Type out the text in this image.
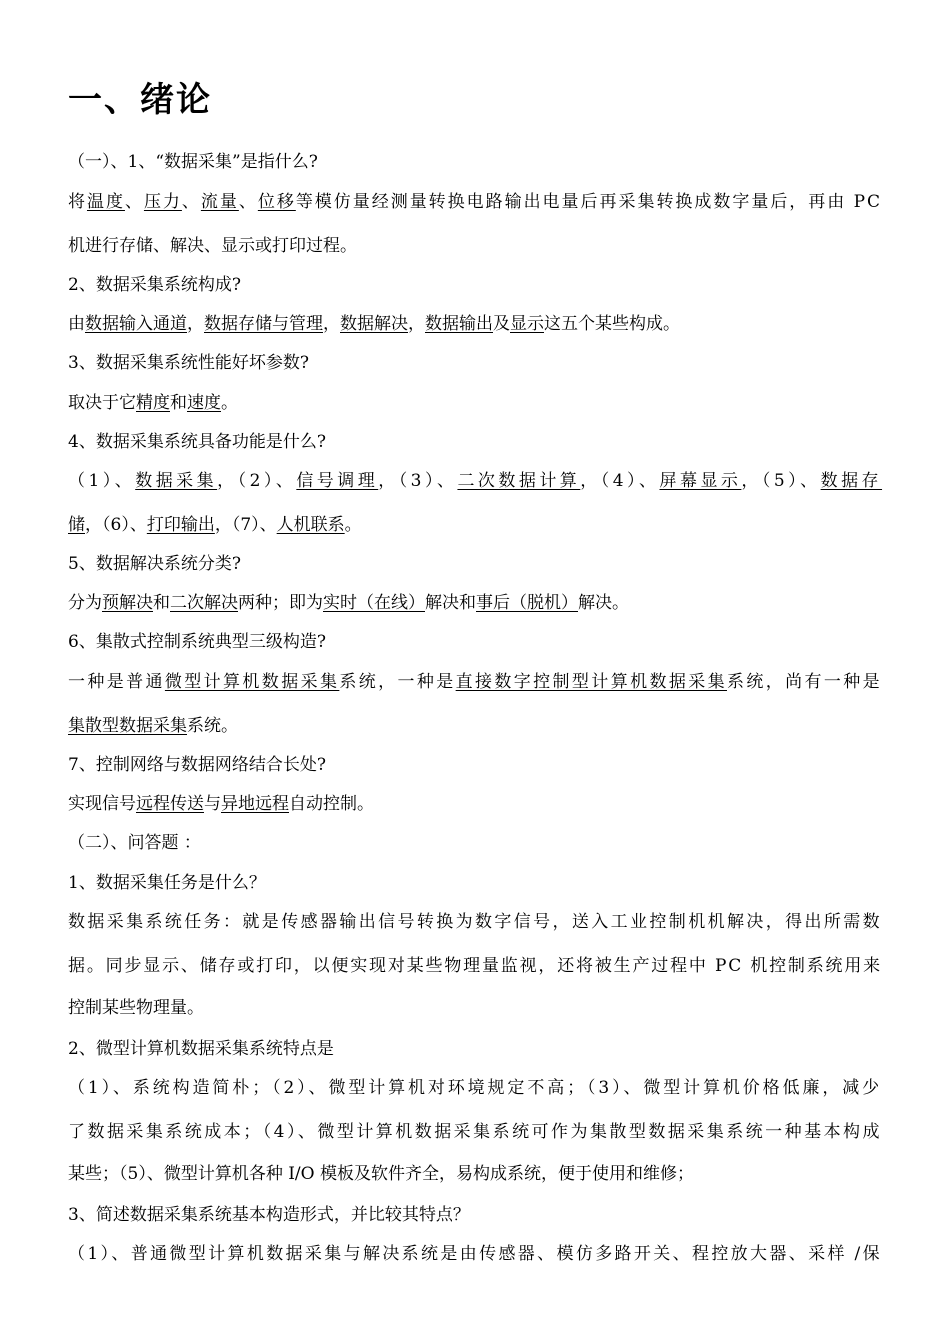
一、绪论
（一）、1、“数据采集”是指什么?
将温度、压力、流量、位移等模仿量经测量转换电路输出电量后再采集转换成数字量后，再由 PC
机进行存储、解决、显示或打印过程。
2、数据采集系统构成?
由数据输入通道，数据存储与管理，数据解决，数据输出及显示这五个某些构成。
3、数据采集系统性能好坏参数?
取决于它精度和速度。
4、数据采集系统具备功能是什么?
（1）、数据采集，（2）、信号调理，（3）、二次数据计算，（4）、屏幕显示，（5）、数据存
储，（6）、打印输出，（7）、人机联系。
5、数据解决系统分类?
分为预解决和二次解决两种；即为实时（在线）解决和事后（脱机）解决。
6、集散式控制系统典型三级构造?
一种是普通微型计算机数据采集系统，一种是直接数字控制型计算机数据采集系统，尚有一种是
集散型数据采集系统。
7、控制网络与数据网络结合长处?
实现信号远程传送与异地远程自动控制。
（二）、问答题 ：
1、数据采集任务是什么？
数据采集系统任务：就是传感器输出信号转换为数字信号，送入工业控制机机解决，得出所需数
据。同步显示、储存或打印，以便实现对某些物理量监视，还将被生产过程中 PC 机控制系统用来
控制某些物理量。
2、微型计算机数据采集系统特点是
（1）、系统构造简朴；（2）、微型计算机对环境规定不高；（3）、微型计算机价格低廉，减少
了数据采集系统成本；（4）、微型计算机数据采集系统可作为集散型数据采集系统一种基本构成
某些；（5）、微型计算机各种 I/O 模板及软件齐全，易构成系统，便于使用和维修；
3、简述数据采集系统基本构造形式，并比较其特点？
（1）、普通微型计算机数据采集与解决系统是由传感器、模仿多路开关、程控放大器、采样 /保
